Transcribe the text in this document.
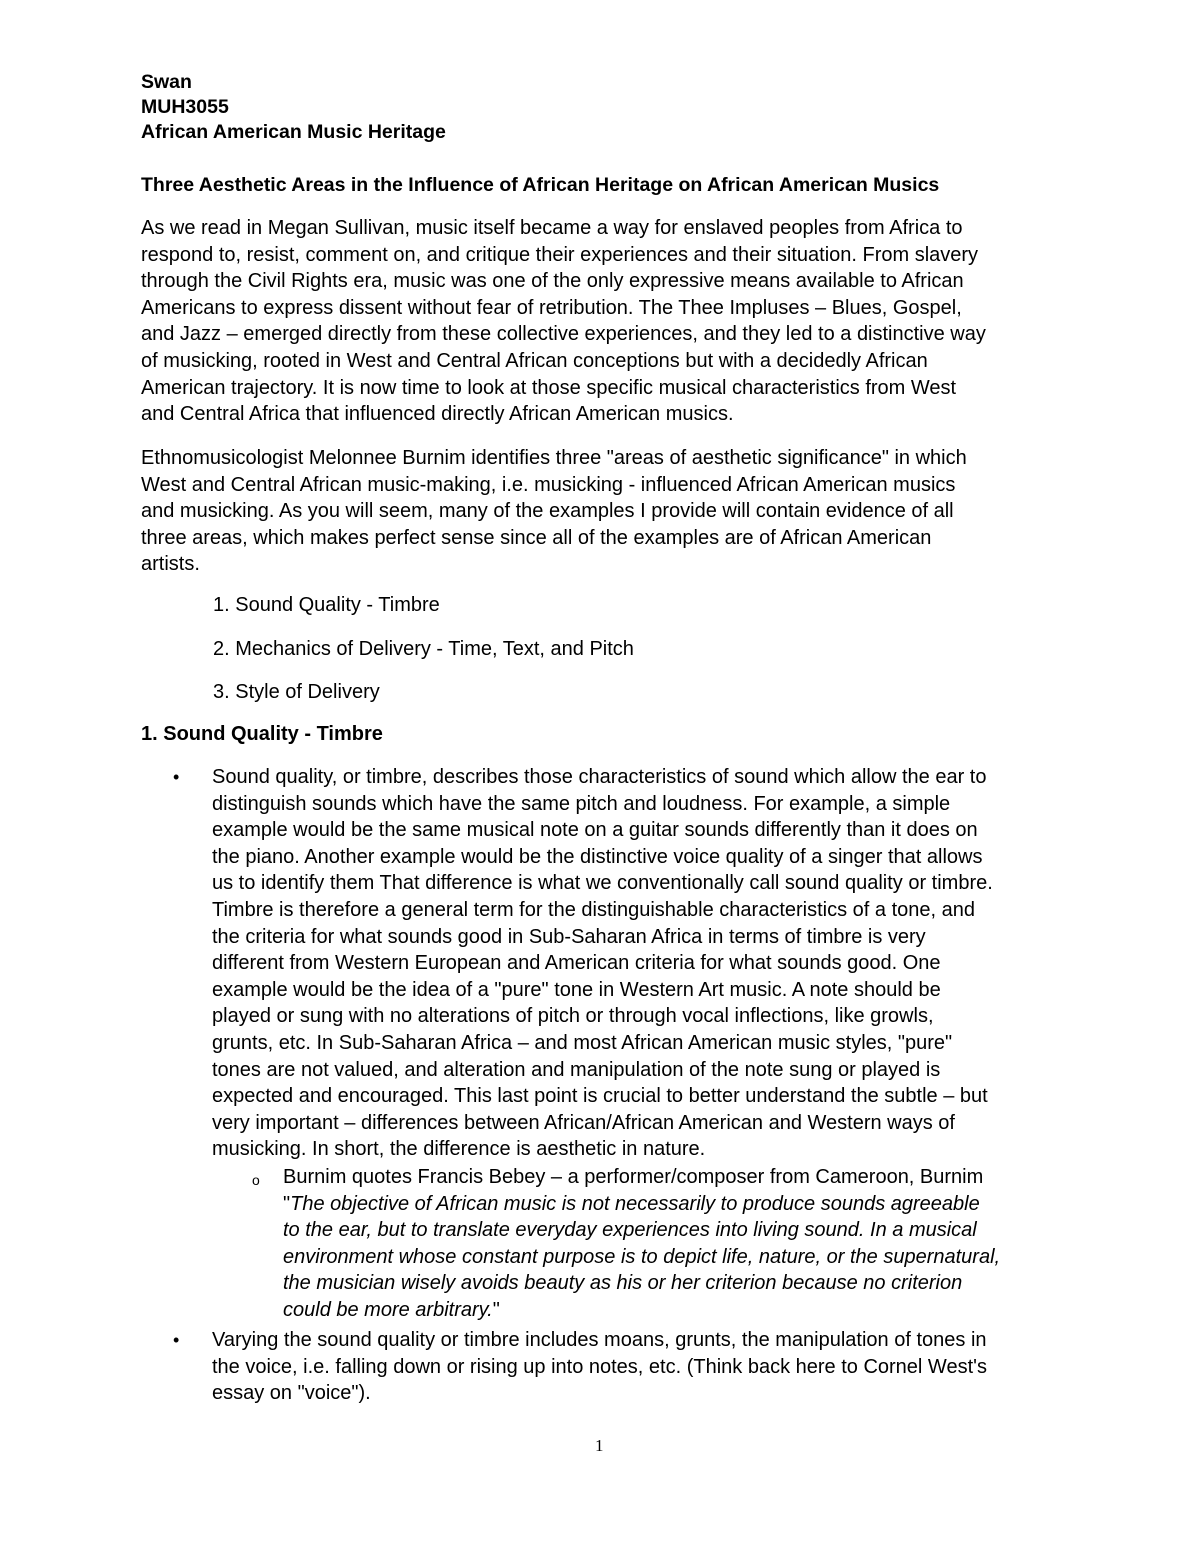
Swan
MUH3055
African American Music Heritage
Three Aesthetic Areas in the Influence of African Heritage on African American Musics
As we read in Megan Sullivan, music itself became a way for enslaved peoples from Africa to
respond to, resist, comment on, and critique their experiences and their situation. From slavery
through the Civil Rights era, music was one of the only expressive means available to African
Americans to express dissent without fear of retribution. The Thee Impluses – Blues, Gospel,
and Jazz – emerged directly from these collective experiences, and they led to a distinctive way
of musicking, rooted in West and Central African conceptions but with a decidedly African
American trajectory. It is now time to look at those specific musical characteristics from West
and Central Africa that influenced directly African American musics.
Ethnomusicologist Melonnee Burnim identifies three "areas of aesthetic significance" in which
West and Central African music-making, i.e. musicking - influenced African American musics
and musicking. As you will seem, many of the examples I provide will contain evidence of all
three areas, which makes perfect sense since all of the examples are of African American
artists.
1. Sound Quality - Timbre
2. Mechanics of Delivery - Time, Text, and Pitch
3. Style of Delivery
1. Sound Quality - Timbre
• Sound quality, or timbre, describes those characteristics of sound which allow the ear to
distinguish sounds which have the same pitch and loudness. For example, a simple
example would be the same musical note on a guitar sounds differently than it does on
the piano. Another example would be the distinctive voice quality of a singer that allows
us to identify them That difference is what we conventionally call sound quality or timbre.
Timbre is therefore a general term for the distinguishable characteristics of a tone, and
the criteria for what sounds good in Sub-Saharan Africa in terms of timbre is very
different from Western European and American criteria for what sounds good. One
example would be the idea of a "pure" tone in Western Art music. A note should be
played or sung with no alterations of pitch or through vocal inflections, like growls,
grunts, etc. In Sub-Saharan Africa – and most African American music styles, "pure"
tones are not valued, and alteration and manipulation of the note sung or played is
expected and encouraged. This last point is crucial to better understand the subtle – but
very important – differences between African/African American and Western ways of
musicking. In short, the difference is aesthetic in nature.
o Burnim quotes Francis Bebey – a performer/composer from Cameroon, Burnim
"The objective of African music is not necessarily to produce sounds agreeable
to the ear, but to translate everyday experiences into living sound. In a musical
environment whose constant purpose is to depict life, nature, or the supernatural,
the musician wisely avoids beauty as his or her criterion because no criterion
could be more arbitrary."
• Varying the sound quality or timbre includes moans, grunts, the manipulation of tones in
the voice, i.e. falling down or rising up into notes, etc. (Think back here to Cornel West's
essay on "voice").
1
